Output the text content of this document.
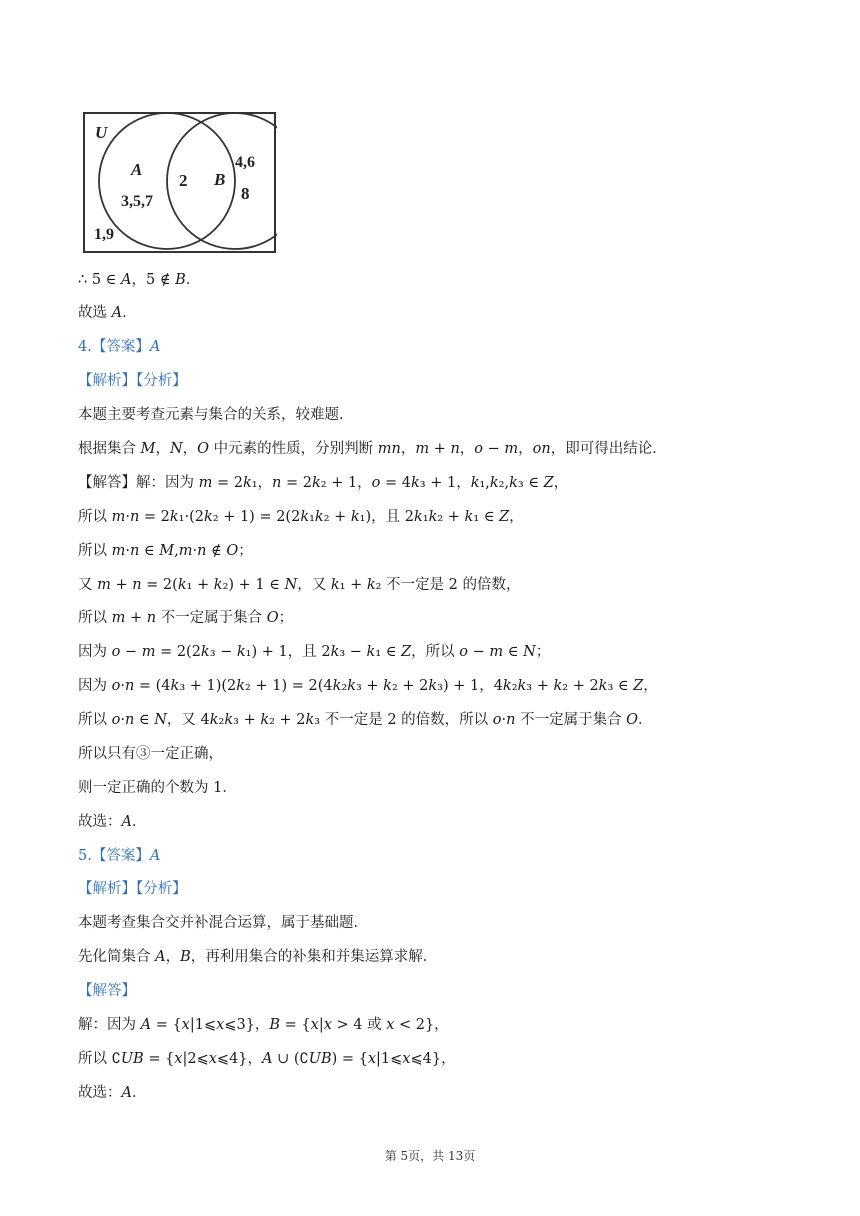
U
A
B
3,5,7
2
4,6
8
1,9
∴ 5 ∈ 𝐴，5 ∉ 𝐵．
故选 𝐴．
4.【答案】𝐴
【解析】【分析】
本题主要考查元素与集合的关系，较难题．
根据集合 𝑀，𝑁，𝑂 中元素的性质，分别判断 𝑚𝑛，𝑚 + 𝑛，𝑜 − 𝑚，𝑜𝑛，即可得出结论．
【解答】解：因为 𝑚 = 2𝑘₁，𝑛 = 2𝑘₂ + 1，𝑜 = 4𝑘₃ + 1，𝑘₁,𝑘₂,𝑘₃ ∈ 𝑍，
所以 𝑚·𝑛 = 2𝑘₁·(2𝑘₂ + 1) = 2(2𝑘₁𝑘₂ + 𝑘₁)，且 2𝑘₁𝑘₂ + 𝑘₁ ∈ 𝑍，
所以 𝑚·𝑛 ∈ 𝑀,𝑚·𝑛 ∉ 𝑂；
又 𝑚 + 𝑛 = 2(𝑘₁ + 𝑘₂) + 1 ∈ 𝑁，又 𝑘₁ + 𝑘₂ 不一定是 2 的倍数，
所以 𝑚 + 𝑛 不一定属于集合 𝑂；
因为 𝑜 − 𝑚 = 2(2𝑘₃ − 𝑘₁) + 1，且 2𝑘₃ − 𝑘₁ ∈ 𝑍，所以 𝑜 − 𝑚 ∈ 𝑁；
因为 𝑜·𝑛 = (4𝑘₃ + 1)(2𝑘₂ + 1) = 2(4𝑘₂𝑘₃ + 𝑘₂ + 2𝑘₃) + 1，4𝑘₂𝑘₃ + 𝑘₂ + 2𝑘₃ ∈ 𝑍，
所以 𝑜·𝑛 ∈ 𝑁，又 4𝑘₂𝑘₃ + 𝑘₂ + 2𝑘₃ 不一定是 2 的倍数，所以 𝑜·𝑛 不一定属于集合 𝑂．
所以只有③一定正确，
则一定正确的个数为 1．
故选：𝐴．
5.【答案】𝐴
【解析】【分析】
本题考查集合交并补混合运算，属于基础题．
先化简集合 𝐴，𝐵，再利用集合的补集和并集运算求解．
【解答】
解：因为 𝐴 = {𝑥|1⩽𝑥⩽3}，𝐵 = {𝑥|𝑥 > 4 或 𝑥 < 2}，
所以 ∁𝑈𝐵 = {𝑥|2⩽𝑥⩽4}，𝐴 ∪ (∁𝑈𝐵) = {𝑥|1⩽𝑥⩽4}，
故选：𝐴．
第 5页，共 13页
